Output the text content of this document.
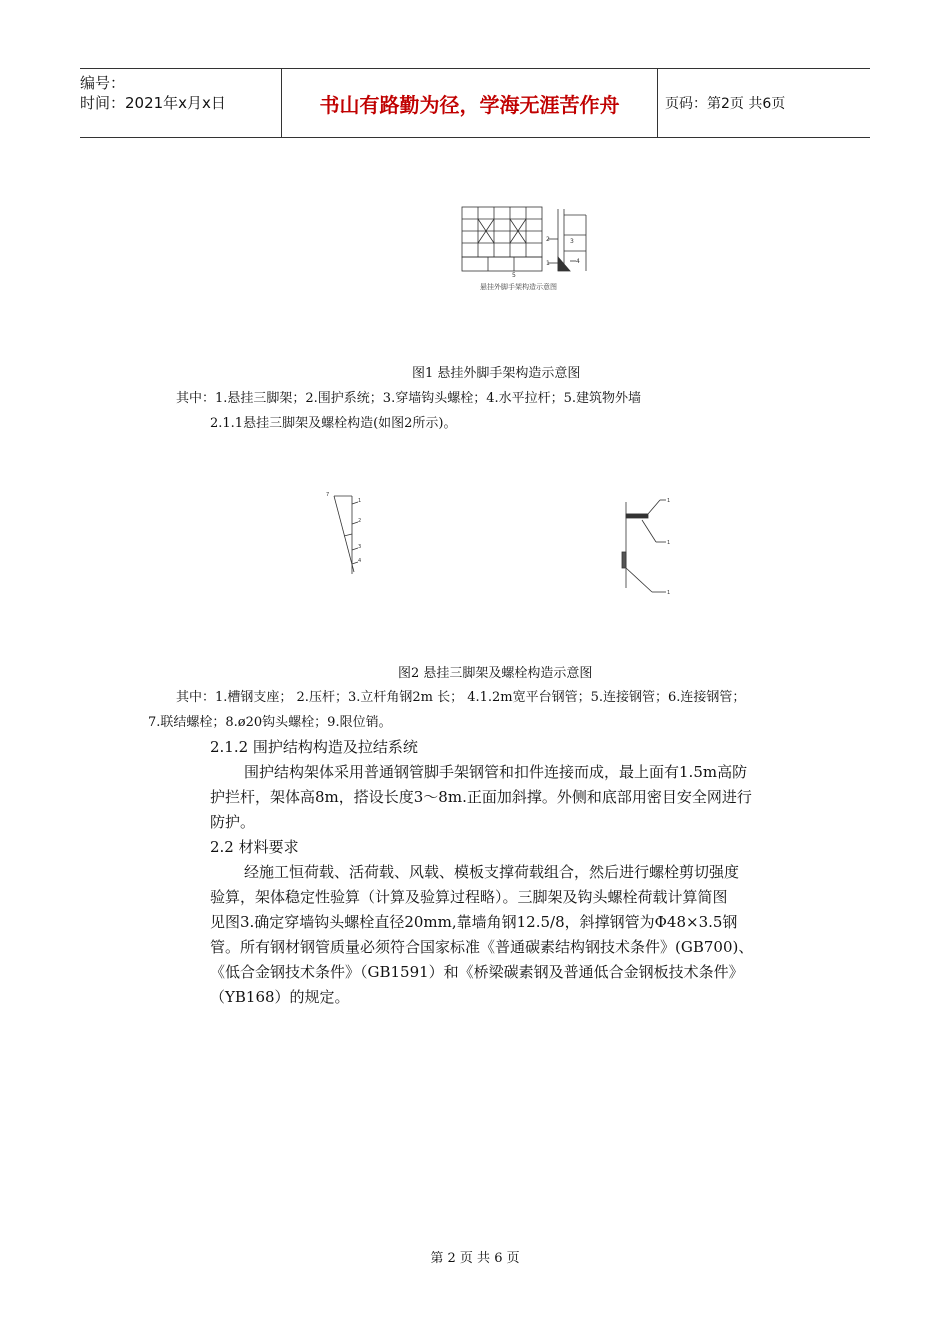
编号：
时间：2021年x月x日	书山有路勤为径，学海无涯苦作舟	页码：第2页 共6页
2
1
3
4
5
悬挂外脚手架构造示意图
图1 悬挂外脚手架构造示意图
其中：1.悬挂三脚架；2.围护系统；3.穿墙钩头螺栓；4.水平拉杆；5.建筑物外墙
2.1.1悬挂三脚架及螺栓构造(如图2所示)。
7
1
2
3
4
1
1
1
图2 悬挂三脚架及螺栓构造示意图
其中：1.槽钢支座； 2.压杆；3.立杆角钢2m 长； 4.1.2m宽平台钢管；5.连接钢管；6.连接钢管；
7.联结螺栓；8.ø20钩头螺栓；9.限位销。
2.1.2 围护结构构造及拉结系统
围护结构架体采用普通钢管脚手架钢管和扣件连接而成，最上面有1.5m高防
护拦杆，架体高8m，搭设长度3～8m.正面加斜撑。外侧和底部用密目安全网进行
防护。
2.2 材料要求
经施工恒荷载、活荷载、风载、模板支撑荷载组合，然后进行螺栓剪切强度
验算，架体稳定性验算（计算及验算过程略）。三脚架及钩头螺栓荷载计算简图
见图3.确定穿墙钩头螺栓直径20mm,靠墙角钢12.5/8，斜撑钢管为Φ48×3.5钢
管。所有钢材钢管质量必须符合国家标准《普通碳素结构钢技术条件》(GB700)、
《低合金钢技术条件》（GB1591）和《桥梁碳素钢及普通低合金钢板技术条件》
（YB168）的规定。
第 2 页 共 6 页
